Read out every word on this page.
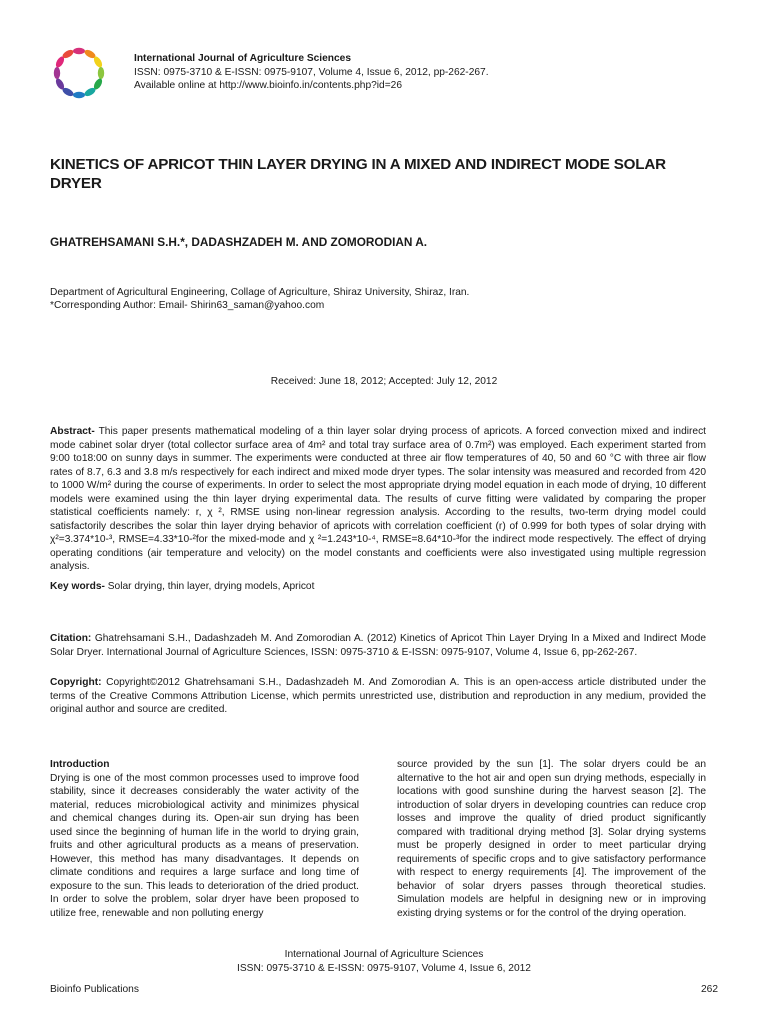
International Journal of Agriculture Sciences
ISSN: 0975-3710 & E-ISSN: 0975-9107, Volume 4, Issue 6, 2012, pp-262-267.
Available online at http://www.bioinfo.in/contents.php?id=26
KINETICS OF APRICOT THIN LAYER DRYING IN A MIXED AND INDIRECT MODE SOLAR DRYER
GHATREHSAMANI S.H.*, DADASHZADEH M. AND ZOMORODIAN A.
Department of Agricultural Engineering, Collage of Agriculture, Shiraz University, Shiraz, Iran.
*Corresponding Author: Email- Shirin63_saman@yahoo.com
Received: June 18, 2012; Accepted: July 12, 2012
Abstract- This paper presents mathematical modeling of a thin layer solar drying process of apricots. A forced convection mixed and indirect mode cabinet solar dryer (total collector surface area of 4m² and total tray surface area of 0.7m²) was employed. Each experiment started from 9:00 to18:00 on sunny days in summer. The experiments were conducted at three air flow temperatures of 40, 50 and 60 °C with three air flow rates of 8.7, 6.3 and 3.8 m/s respectively for each indirect and mixed mode dryer types. The solar intensity was measured and recorded from 420 to 1000 W/m² during the course of experiments. In order to select the most appropriate drying model equation in each mode of drying, 10 different models were examined using the thin layer drying experimental data. The results of curve fitting were validated by comparing the proper statistical coefficients namely: r, χ ², RMSE using non-linear regression analysis. According to the results, two-term drying model could satisfactorily describes the solar thin layer drying behavior of apricots with correlation coefficient (r) of 0.999 for both types of solar drying with χ²=3.374*10-³, RMSE=4.33*10-²for the mixed-mode and χ ²=1.243*10-⁴, RMSE=8.64*10-³for the indirect mode respectively. The effect of drying operating conditions (air temperature and velocity) on the model constants and coefficients were also investigated using multiple regression analysis.
Key words- Solar drying, thin layer, drying models, Apricot
Citation: Ghatrehsamani S.H., Dadashzadeh M. And Zomorodian A. (2012) Kinetics of Apricot Thin Layer Drying In a Mixed and Indirect Mode Solar Dryer. International Journal of Agriculture Sciences, ISSN: 0975-3710 & E-ISSN: 0975-9107, Volume 4, Issue 6, pp-262-267.
Copyright: Copyright©2012 Ghatrehsamani S.H., Dadashzadeh M. And Zomorodian A. This is an open-access article distributed under the terms of the Creative Commons Attribution License, which permits unrestricted use, distribution and reproduction in any medium, provided the original author and source are credited.
Introduction
Drying is one of the most common processes used to improve food stability, since it decreases considerably the water activity of the material, reduces microbiological activity and minimizes physical and chemical changes during its. Open-air sun drying has been used since the beginning of human life in the world to drying grain, fruits and other agricultural products as a means of preservation. However, this method has many disadvantages. It depends on climate conditions and requires a large surface and long time of exposure to the sun. This leads to deterioration of the dried product. In order to solve the problem, solar dryer have been proposed to utilize free, renewable and non polluting energy
source provided by the sun [1]. The solar dryers could be an alternative to the hot air and open sun drying methods, especially in locations with good sunshine during the harvest season [2]. The introduction of solar dryers in developing countries can reduce crop losses and improve the quality of dried product significantly compared with traditional drying method [3]. Solar drying systems must be properly designed in order to meet particular drying requirements of specific crops and to give satisfactory performance with respect to energy requirements [4]. The improvement of the behavior of solar dryers passes through theoretical studies. Simulation models are helpful in designing new or in improving existing drying systems or for the control of the drying operation.
International Journal of Agriculture Sciences
ISSN: 0975-3710 & E-ISSN: 0975-9107, Volume 4, Issue 6, 2012
Bioinfo Publications	262
